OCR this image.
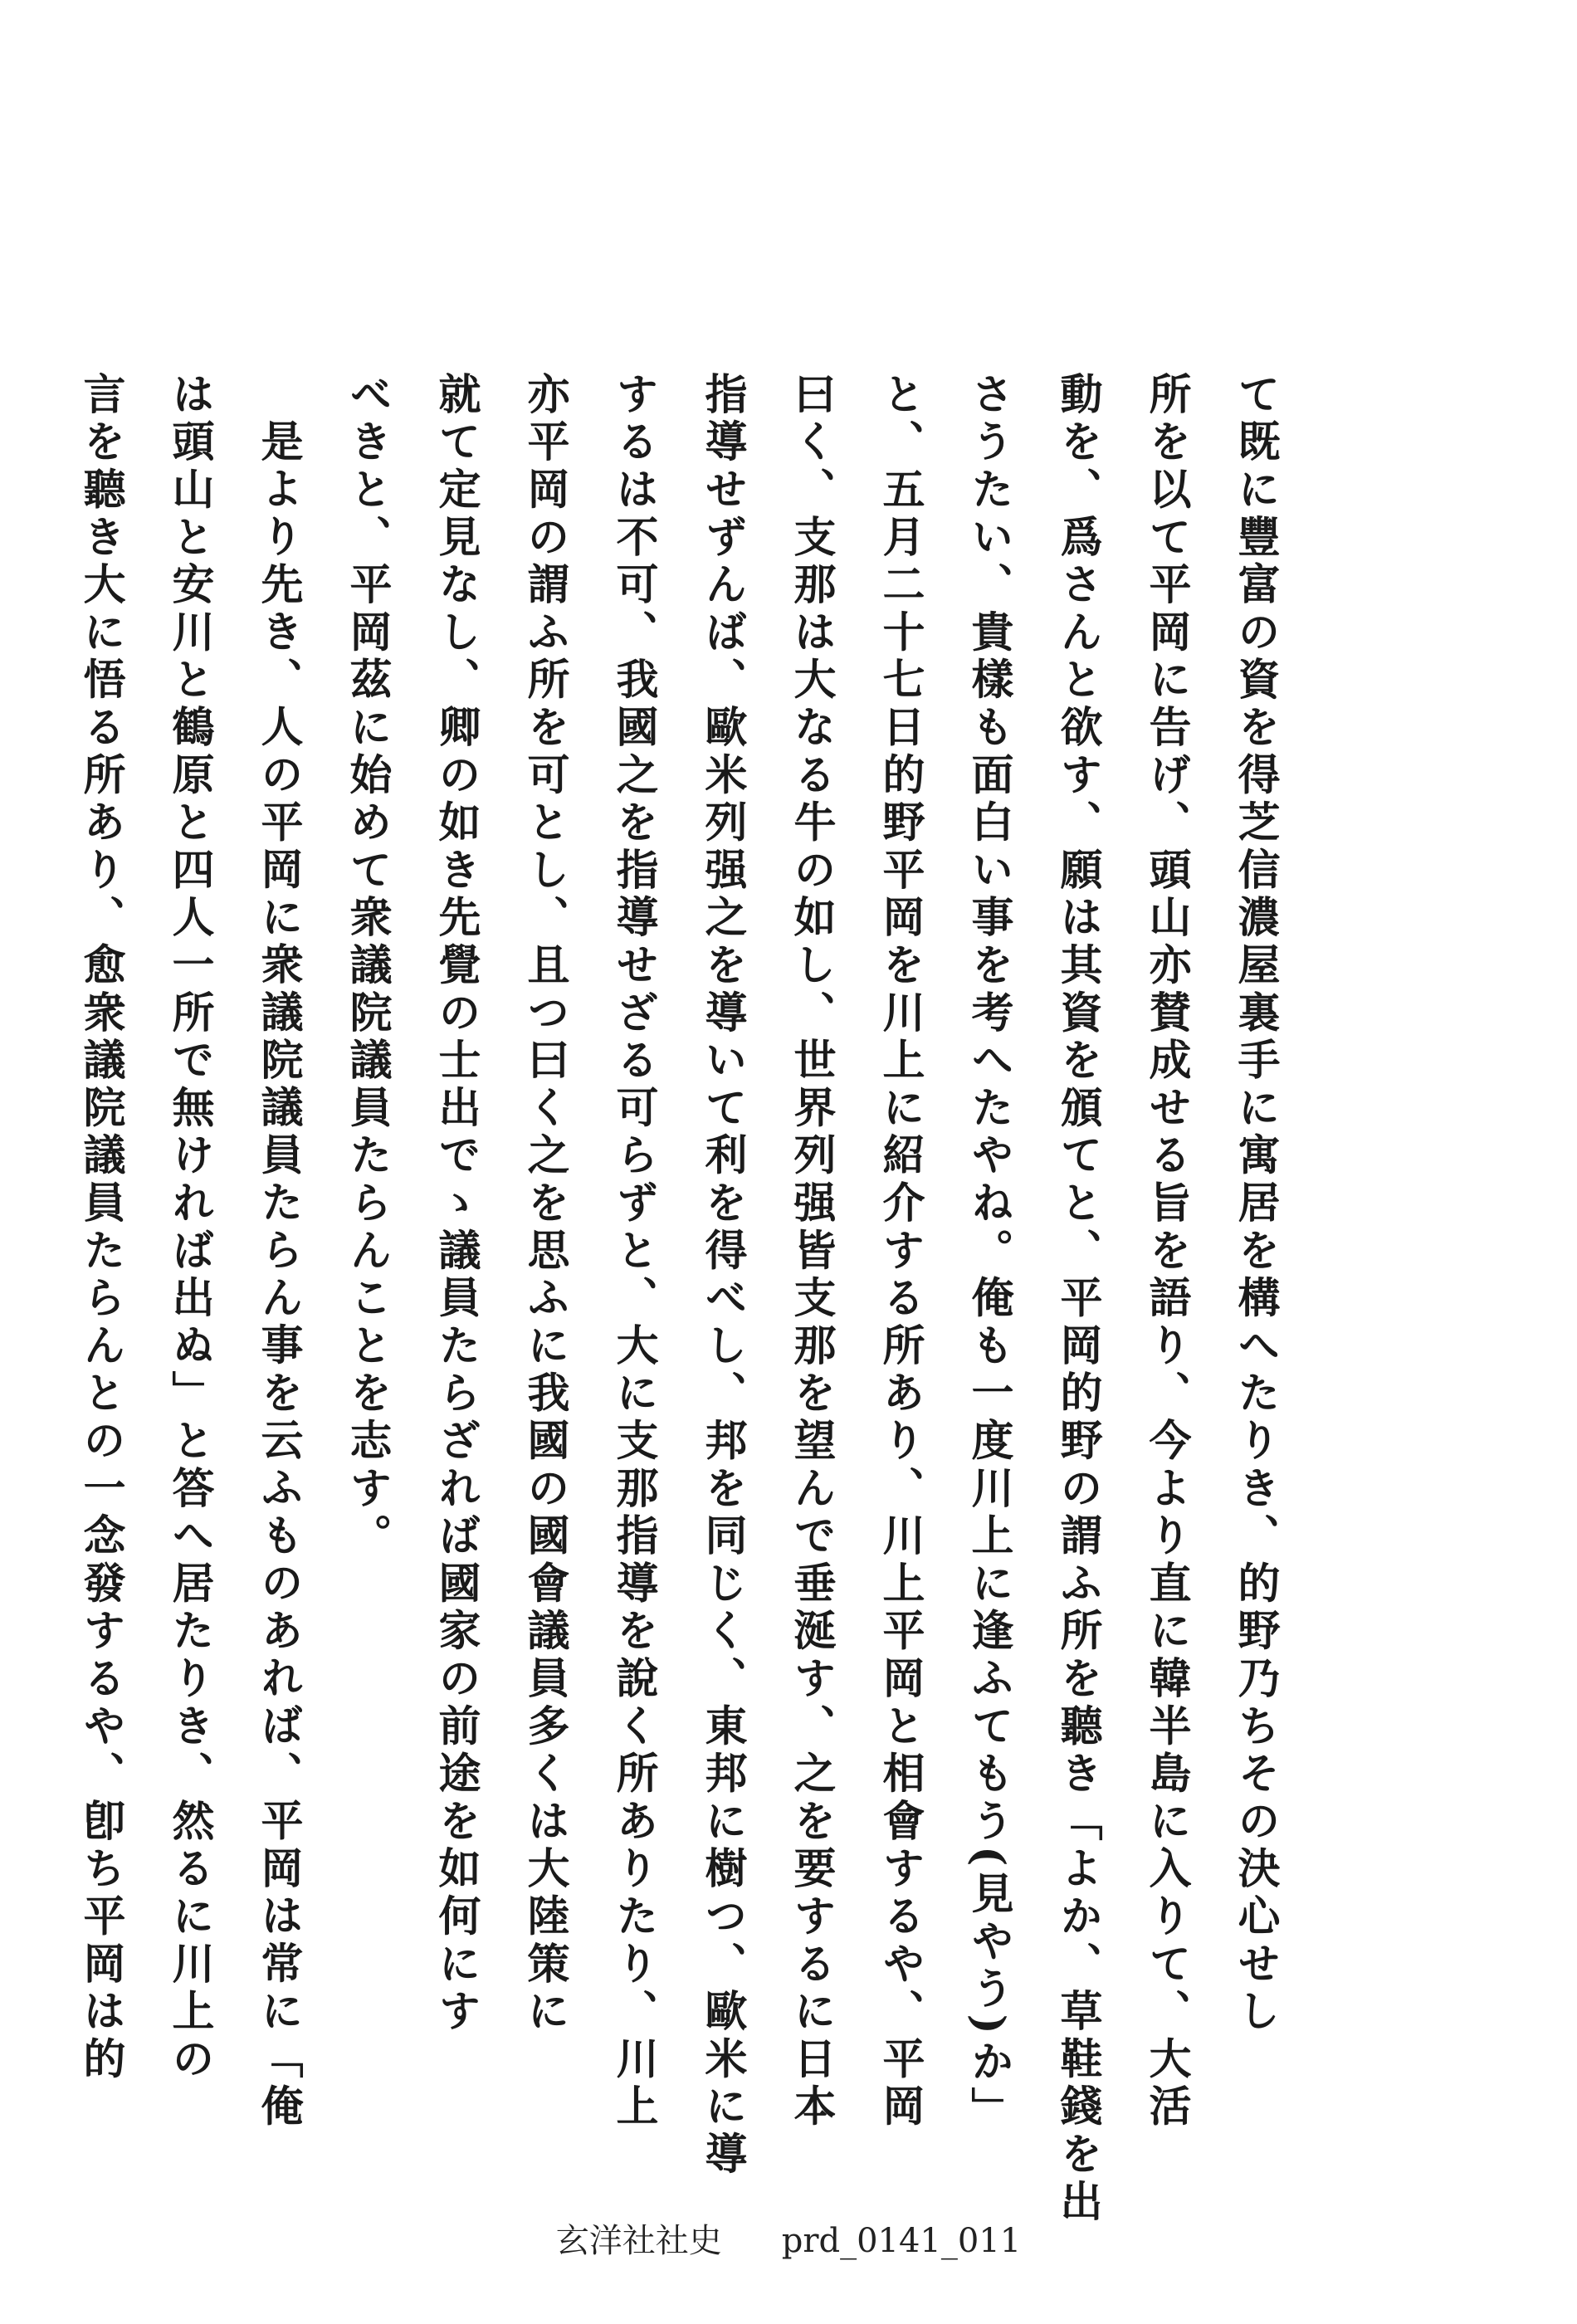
て既に豐富の資を得芝信濃屋裏手に寓居を構へたりき、的野乃ちその決心せし
所を以て平岡に告げ、頭山亦賛成せる旨を語り、今より直に韓半島に入りて、大活
動を、爲さんと欲す、願は其資を頒てと、平岡的野の謂ふ所を聽き「よか、草鞋錢を出
さうたい、貴樣も面白い事を考へたやね。俺も一度川上に逢ふてもう(見やう)か」
と、五月二十七日的野平岡を川上に紹介する所あり、川上平岡と相會するや、平岡
曰く、支那は大なる牛の如し、世界列强皆支那を望んで垂涎す、之を要するに日本
指導せずんば、歐米列强之を導いて利を得べし、邦を同じく、東邦に樹つ、歐米に導
するは不可、我國之を指導せざる可らずと、大に支那指導を說く所ありたり、川上
亦平岡の謂ふ所を可とし、且つ曰く之を思ふに我國の國會議員多くは大陸策に
就て定見なし、卿の如き先覺の士出でゝ議員たらざれば國家の前途を如何にす
べきと、平岡茲に始めて衆議院議員たらんことを志す。
是より先き、人の平岡に衆議院議員たらん事を云ふものあれば、平岡は常に「俺
は頭山と安川と鶴原と四人一所で無ければ出ぬ」と答へ居たりき、然るに川上の
言を聽き大に悟る所あり、愈衆議院議員たらんとの一念發するや、卽ち平岡は的
玄洋社社史 prd_0141_011
